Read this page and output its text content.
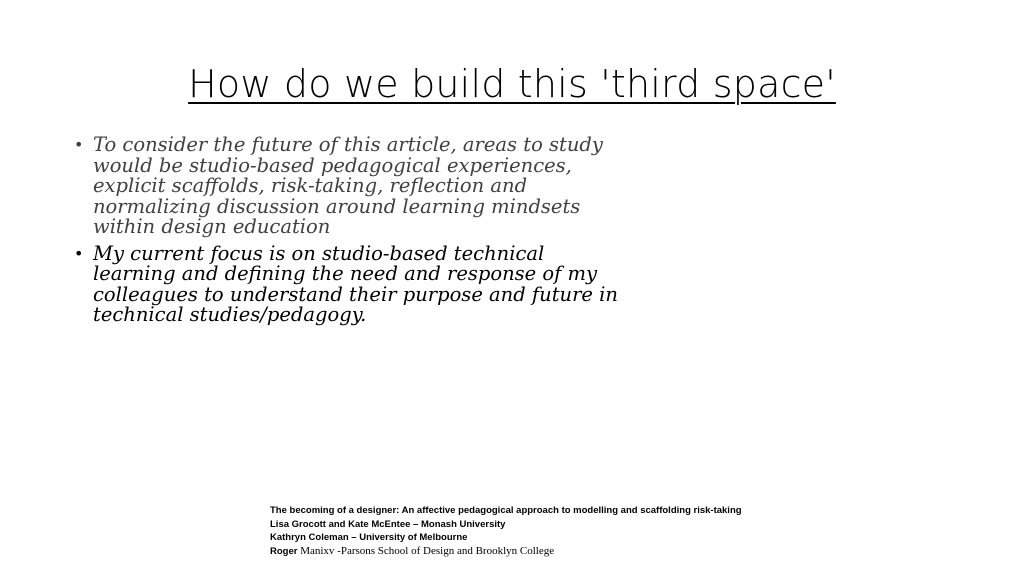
How do we build this 'third space'
• To consider the future of this article, areas to study
would be studio-based pedagogical experiences,
explicit scaffolds, risk-taking, reflection and
normalizing discussion around learning mindsets
within design education
• My current focus is on studio-based technical
learning and defining the need and response of my
colleagues to understand their purpose and future in
technical studies/pedagogy.
The becoming of a designer: An affective pedagogical approach to modelling and scaffolding risk-taking
Lisa Grocott and Kate McEntee – Monash University
Kathryn Coleman – University of Melbourne
Roger Manixv -Parsons School of Design and Brooklyn College
